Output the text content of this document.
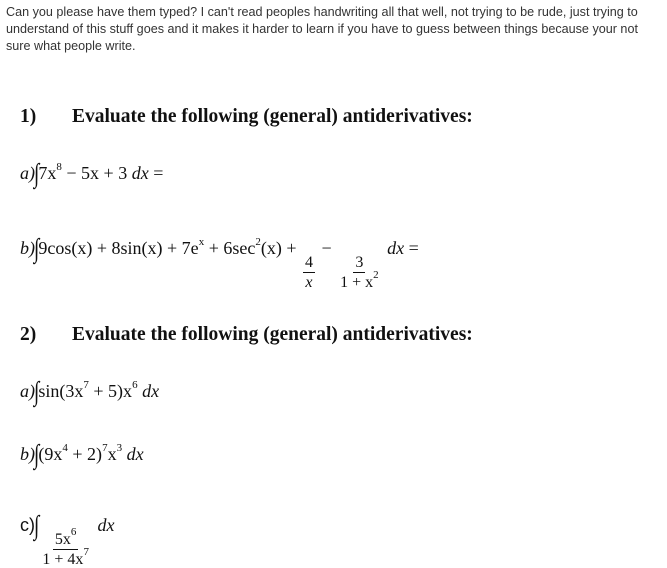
Can you please have them typed? I can't read peoples handwriting all that well, not trying to be rude, just trying to understand of this stuff goes and it makes it harder to learn if you have to guess between things because your not sure what people write.
1) Evaluate the following (general) antiderivatives:
$a)\int 7x^8 - 5x + 3$ dx =
$b)\int 9\cos(x) + 8\sin(x) + 7e^x + 6\sec^2(x)$ +
$\frac{4}{x}$
−
$\frac{3}{1 + x^2}$
dx =
2) Evaluate the following (general) antiderivatives:
$a)\int\sin(3x^7 + 5)x^6$ dx
$b)\int(9x^4 + 2)^7x^3$ dx
c)∫
$\frac{5x^6}{1 + 4x^7}$
dx
